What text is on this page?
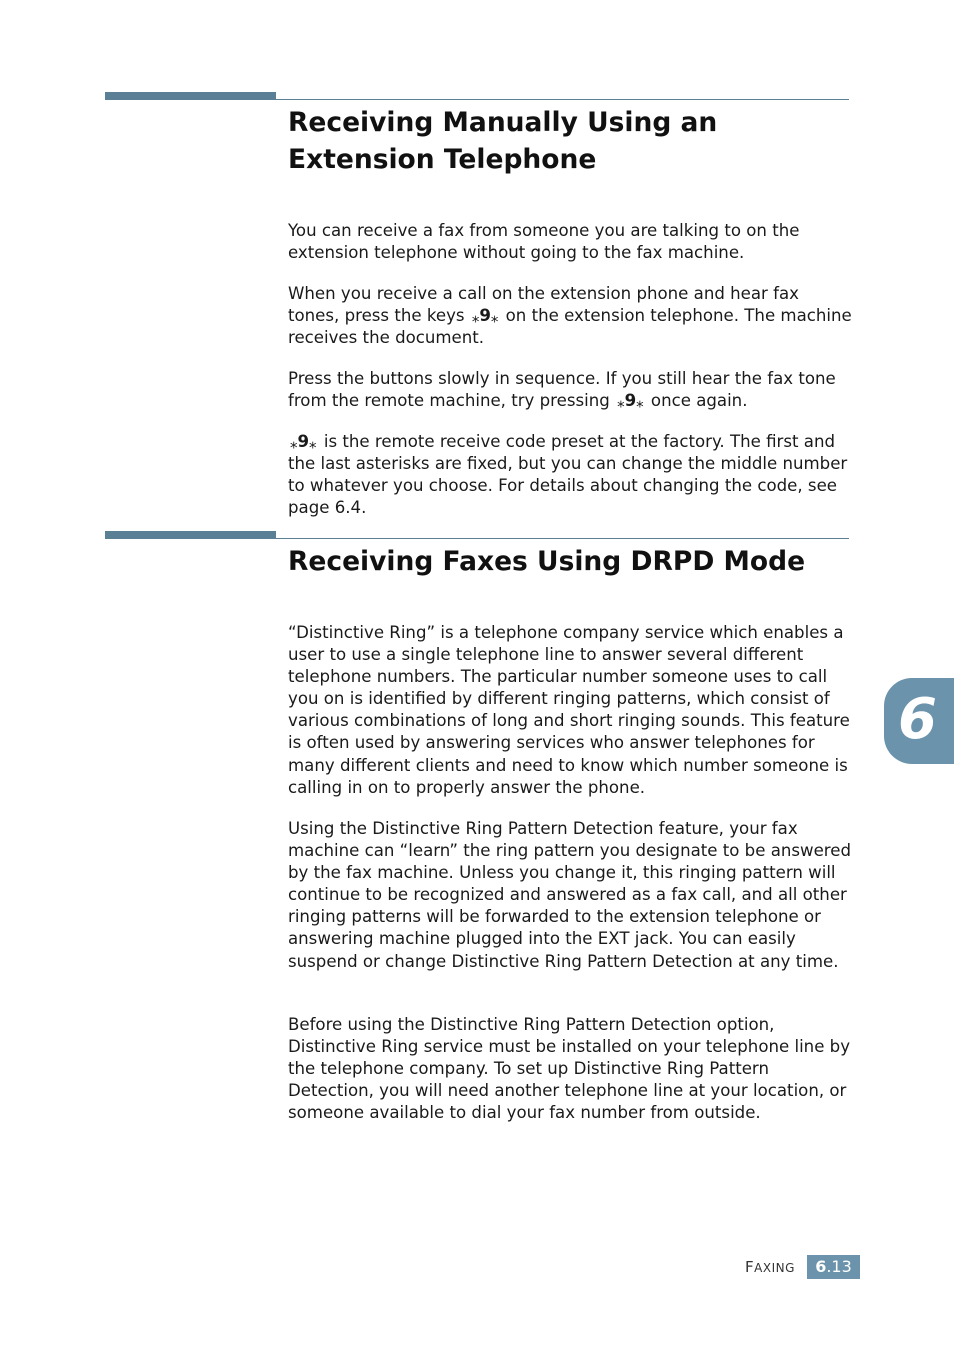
Receiving Manually Using an
Extension Telephone

You can receive a fax from someone you are talking to on the extension telephone without going to the fax machine.

When you receive a call on the extension phone and hear fax tones, press the keys ⁎9⁎ on the extension telephone. The machine receives the document.

Press the buttons slowly in sequence. If you still hear the fax tone from the remote machine, try pressing ⁎9⁎ once again.

⁎9⁎ is the remote receive code preset at the factory. The first and the last asterisks are fixed, but you can change the middle number to whatever you choose. For details about changing the code, see page 6.4.

Receiving Faxes Using DRPD Mode

“Distinctive Ring” is a telephone company service which enables a user to use a single telephone line to answer several different telephone numbers. The particular number someone uses to call you on is identified by different ringing patterns, which consist of various combinations of long and short ringing sounds. This feature is often used by answering services who answer telephones for many different clients and need to know which number someone is calling in on to properly answer the phone.

Using the Distinctive Ring Pattern Detection feature, your fax machine can “learn” the ring pattern you designate to be answered by the fax machine. Unless you change it, this ringing pattern will continue to be recognized and answered as a fax call, and all other ringing patterns will be forwarded to the extension telephone or answering machine plugged into the EXT jack. You can easily suspend or change Distinctive Ring Pattern Detection at any time.

Before using the Distinctive Ring Pattern Detection option, Distinctive Ring service must be installed on your telephone line by the telephone company. To set up Distinctive Ring Pattern Detection, you will need another telephone line at your location, or someone available to dial your fax number from outside.

6
FAXING	6.13
